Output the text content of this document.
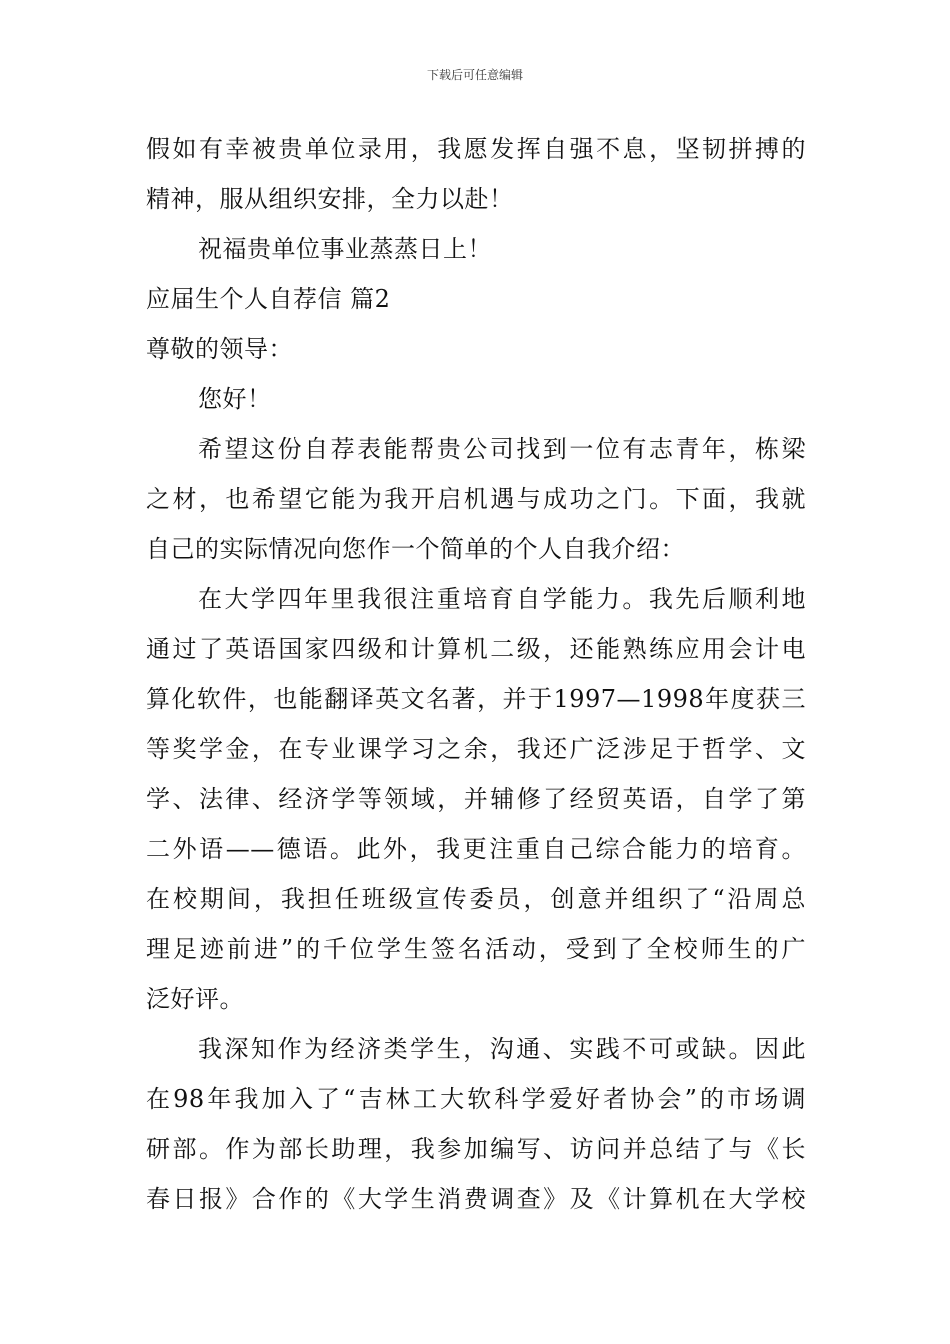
下载后可任意编辑
假如有幸被贵单位录用，我愿发挥自强不息，坚韧拼搏的
精神，服从组织安排，全力以赴！
祝福贵单位事业蒸蒸日上！
应届生个人自荐信 篇2
尊敬的领导：
您好！
希望这份自荐表能帮贵公司找到一位有志青年，栋梁
之材，也希望它能为我开启机遇与成功之门。下面，我就
自己的实际情况向您作一个简单的个人自我介绍：
在大学四年里我很注重培育自学能力。我先后顺利地
通过了英语国家四级和计算机二级，还能熟练应用会计电
算化软件，也能翻译英文名著，并于1997—1998年度获三
等奖学金，在专业课学习之余，我还广泛涉足于哲学、文
学、法律、经济学等领域，并辅修了经贸英语，自学了第
二外语——德语。此外，我更注重自己综合能力的培育。
在校期间，我担任班级宣传委员，创意并组织了“沿周总
理足迹前进”的千位学生签名活动，受到了全校师生的广
泛好评。
我深知作为经济类学生，沟通、实践不可或缺。因此
在98年我加入了“吉林工大软科学爱好者协会”的市场调
研部。作为部长助理，我参加编写、访问并总结了与《长
春日报》合作的《大学生消费调查》及《计算机在大学校
